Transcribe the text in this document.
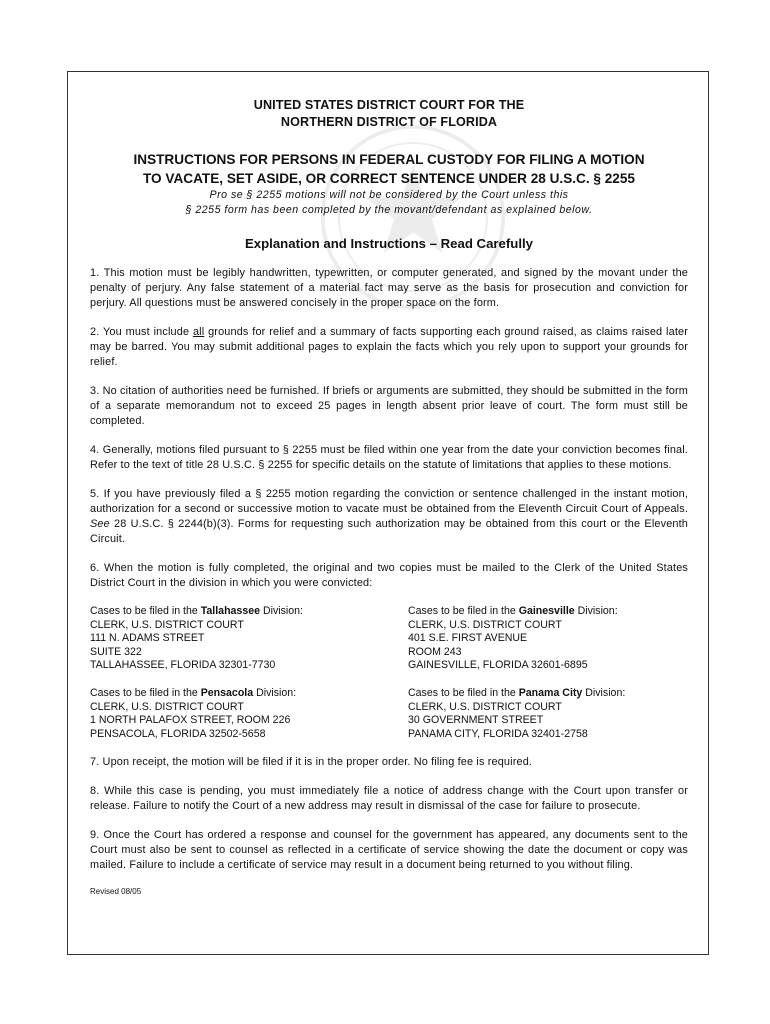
UNITED STATES DISTRICT COURT FOR THE
NORTHERN DISTRICT OF FLORIDA
INSTRUCTIONS FOR PERSONS IN FEDERAL CUSTODY FOR FILING A MOTION
TO VACATE, SET ASIDE, OR CORRECT SENTENCE UNDER 28 U.S.C. § 2255
Pro se § 2255 motions will not be considered by the Court unless this
§ 2255 form has been completed by the movant/defendant as explained below.
Explanation and Instructions – Read Carefully
1. This motion must be legibly handwritten, typewritten, or computer generated, and signed by the movant under the penalty of perjury. Any false statement of a material fact may serve as the basis for prosecution and conviction for perjury. All questions must be answered concisely in the proper space on the form.
2. You must include all grounds for relief and a summary of facts supporting each ground raised, as claims raised later may be barred. You may submit additional pages to explain the facts which you rely upon to support your grounds for relief.
3. No citation of authorities need be furnished. If briefs or arguments are submitted, they should be submitted in the form of a separate memorandum not to exceed 25 pages in length absent prior leave of court. The form must still be completed.
4. Generally, motions filed pursuant to § 2255 must be filed within one year from the date your conviction becomes final. Refer to the text of title 28 U.S.C. § 2255 for specific details on the statute of limitations that applies to these motions.
5. If you have previously filed a § 2255 motion regarding the conviction or sentence challenged in the instant motion, authorization for a second or successive motion to vacate must be obtained from the Eleventh Circuit Court of Appeals. See 28 U.S.C. § 2244(b)(3). Forms for requesting such authorization may be obtained from this court or the Eleventh Circuit.
6. When the motion is fully completed, the original and two copies must be mailed to the Clerk of the United States District Court in the division in which you were convicted:

Cases to be filed in the Tallahassee Division:

CLERK, U.S. DISTRICT COURT

111 N. ADAMS STREET

SUITE 322

TALLAHASSEE, FLORIDA 32301-7730

Cases to be filed in the Gainesville Division:

CLERK, U.S. DISTRICT COURT

401 S.E. FIRST AVENUE

ROOM 243

GAINESVILLE, FLORIDA 32601-6895

Cases to be filed in the Pensacola Division:

CLERK, U.S. DISTRICT COURT

1 NORTH PALAFOX STREET, ROOM 226

PENSACOLA, FLORIDA 32502-5658

Cases to be filed in the Panama City Division:

CLERK, U.S. DISTRICT COURT

30 GOVERNMENT STREET

PANAMA CITY, FLORIDA 32401-2758

7. Upon receipt, the motion will be filed if it is in the proper order. No filing fee is required.
8. While this case is pending, you must immediately file a notice of address change with the Court upon transfer or release. Failure to notify the Court of a new address may result in dismissal of the case for failure to prosecute.
9. Once the Court has ordered a response and counsel for the government has appeared, any documents sent to the Court must also be sent to counsel as reflected in a certificate of service showing the date the document or copy was mailed. Failure to include a certificate of service may result in a document being returned to you without filing.
Revised 08/05
